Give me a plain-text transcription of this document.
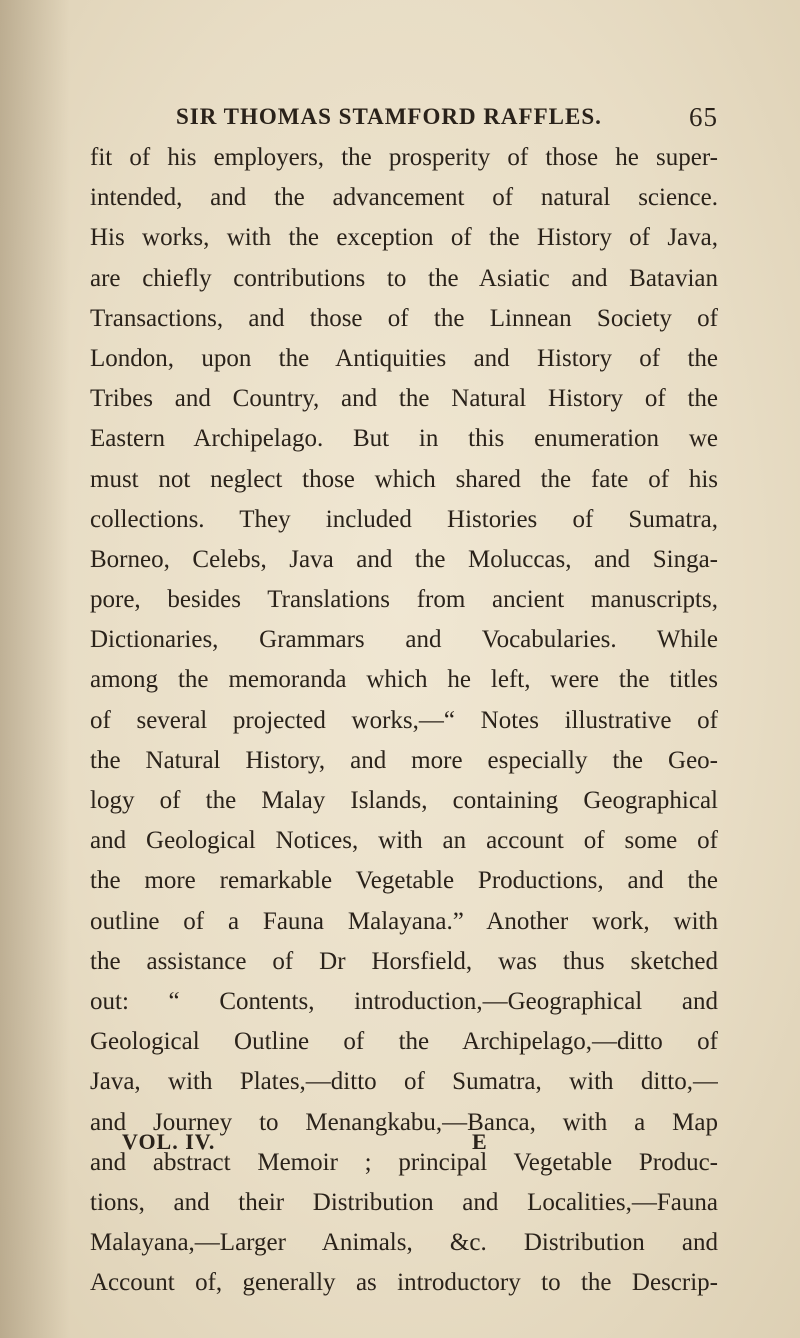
SIR THOMAS STAMFORD RAFFLES.	65
fit of his employers, the prosperity of those he super-
intended, and the advancement of natural science.
His works, with the exception of the History of Java,
are chiefly contributions to the Asiatic and Batavian
Transactions, and those of the Linnean Society of
London, upon the Antiquities and History of the
Tribes and Country, and the Natural History of the
Eastern Archipelago. But in this enumeration we
must not neglect those which shared the fate of his
collections. They included Histories of Sumatra,
Borneo, Celebs, Java and the Moluccas, and Singa-
pore, besides Translations from ancient manuscripts,
Dictionaries, Grammars and Vocabularies. While
among the memoranda which he left, were the titles
of several projected works,—“ Notes illustrative of
the Natural History, and more especially the Geo-
logy of the Malay Islands, containing Geographical
and Geological Notices, with an account of some of
the more remarkable Vegetable Productions, and the
outline of a Fauna Malayana.” Another work, with
the assistance of Dr Horsfield, was thus sketched
out: “ Contents, introduction,—Geographical and
Geological Outline of the Archipelago,—ditto of
Java, with Plates,—ditto of Sumatra, with ditto,—
and Journey to Menangkabu,—Banca, with a Map
and abstract Memoir ; principal Vegetable Produc-
tions, and their Distribution and Localities,—Fauna
Malayana,—Larger Animals, &c. Distribution and
Account of, generally as introductory to the Descrip-
VOL. IV.	E
